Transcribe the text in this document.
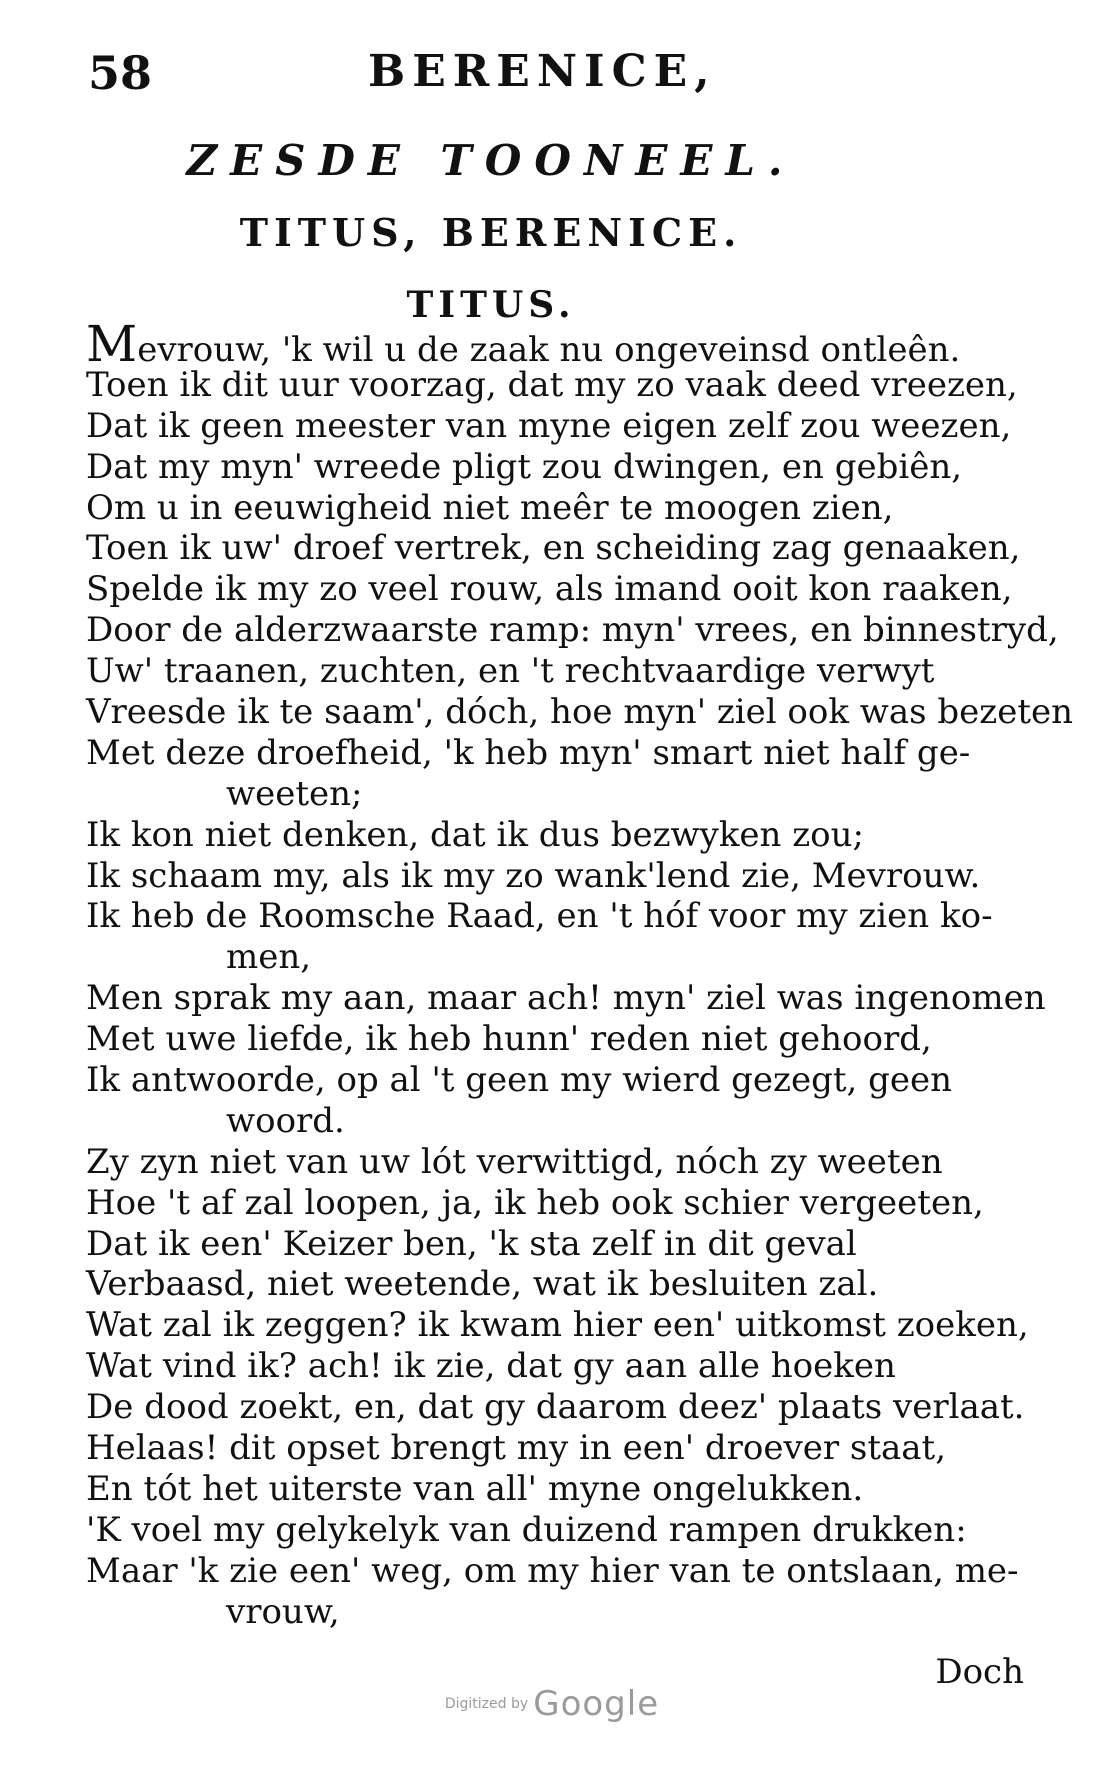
58	BERENICE,
ZESDE TOONEEL.
TITUS, BERENICE.
TITUS.
Mevrouw, 'k wil u de zaak nu ongeveinsd ontleên.
Toen ik dit uur voorzag, dat my zo vaak deed vreezen,
Dat ik geen meester van myne eigen zelf zou weezen,
Dat my myn' wreede pligt zou dwingen, en gebiên,
Om u in eeuwigheid niet meêr te moogen zien,
Toen ik uw' droef vertrek, en scheiding zag genaaken,
Spelde ik my zo veel rouw, als imand ooit kon raaken,
Door de alderzwaarste ramp: myn' vrees, en binnestryd,
Uw' traanen, zuchten, en 't rechtvaardige verwyt
Vreesde ik te saam', dóch, hoe myn' ziel ook was bezeten
Met deze droefheid, 'k heb myn' smart niet half ge-
weeten;
Ik kon niet denken, dat ik dus bezwyken zou;
Ik schaam my, als ik my zo wank'lend zie, Mevrouw.
Ik heb de Roomsche Raad, en 't hóf voor my zien ko-
men,
Men sprak my aan, maar ach! myn' ziel was ingenomen
Met uwe liefde, ik heb hunn' reden niet gehoord,
Ik antwoorde, op al 't geen my wierd gezegt, geen
woord.
Zy zyn niet van uw lót verwittigd, nóch zy weeten
Hoe 't af zal loopen, ja, ik heb ook schier vergeeten,
Dat ik een' Keizer ben, 'k sta zelf in dit geval
Verbaasd, niet weetende, wat ik besluiten zal.
Wat zal ik zeggen? ik kwam hier een' uitkomst zoeken,
Wat vind ik? ach! ik zie, dat gy aan alle hoeken
De dood zoekt, en, dat gy daarom deez' plaats verlaat.
Helaas! dit opset brengt my in een' droever staat,
En tót het uiterste van all' myne ongelukken.
'K voel my gelykelyk van duizend rampen drukken:
Maar 'k zie een' weg, om my hier van te ontslaan, me-
vrouw,
Doch
Digitized by Google
